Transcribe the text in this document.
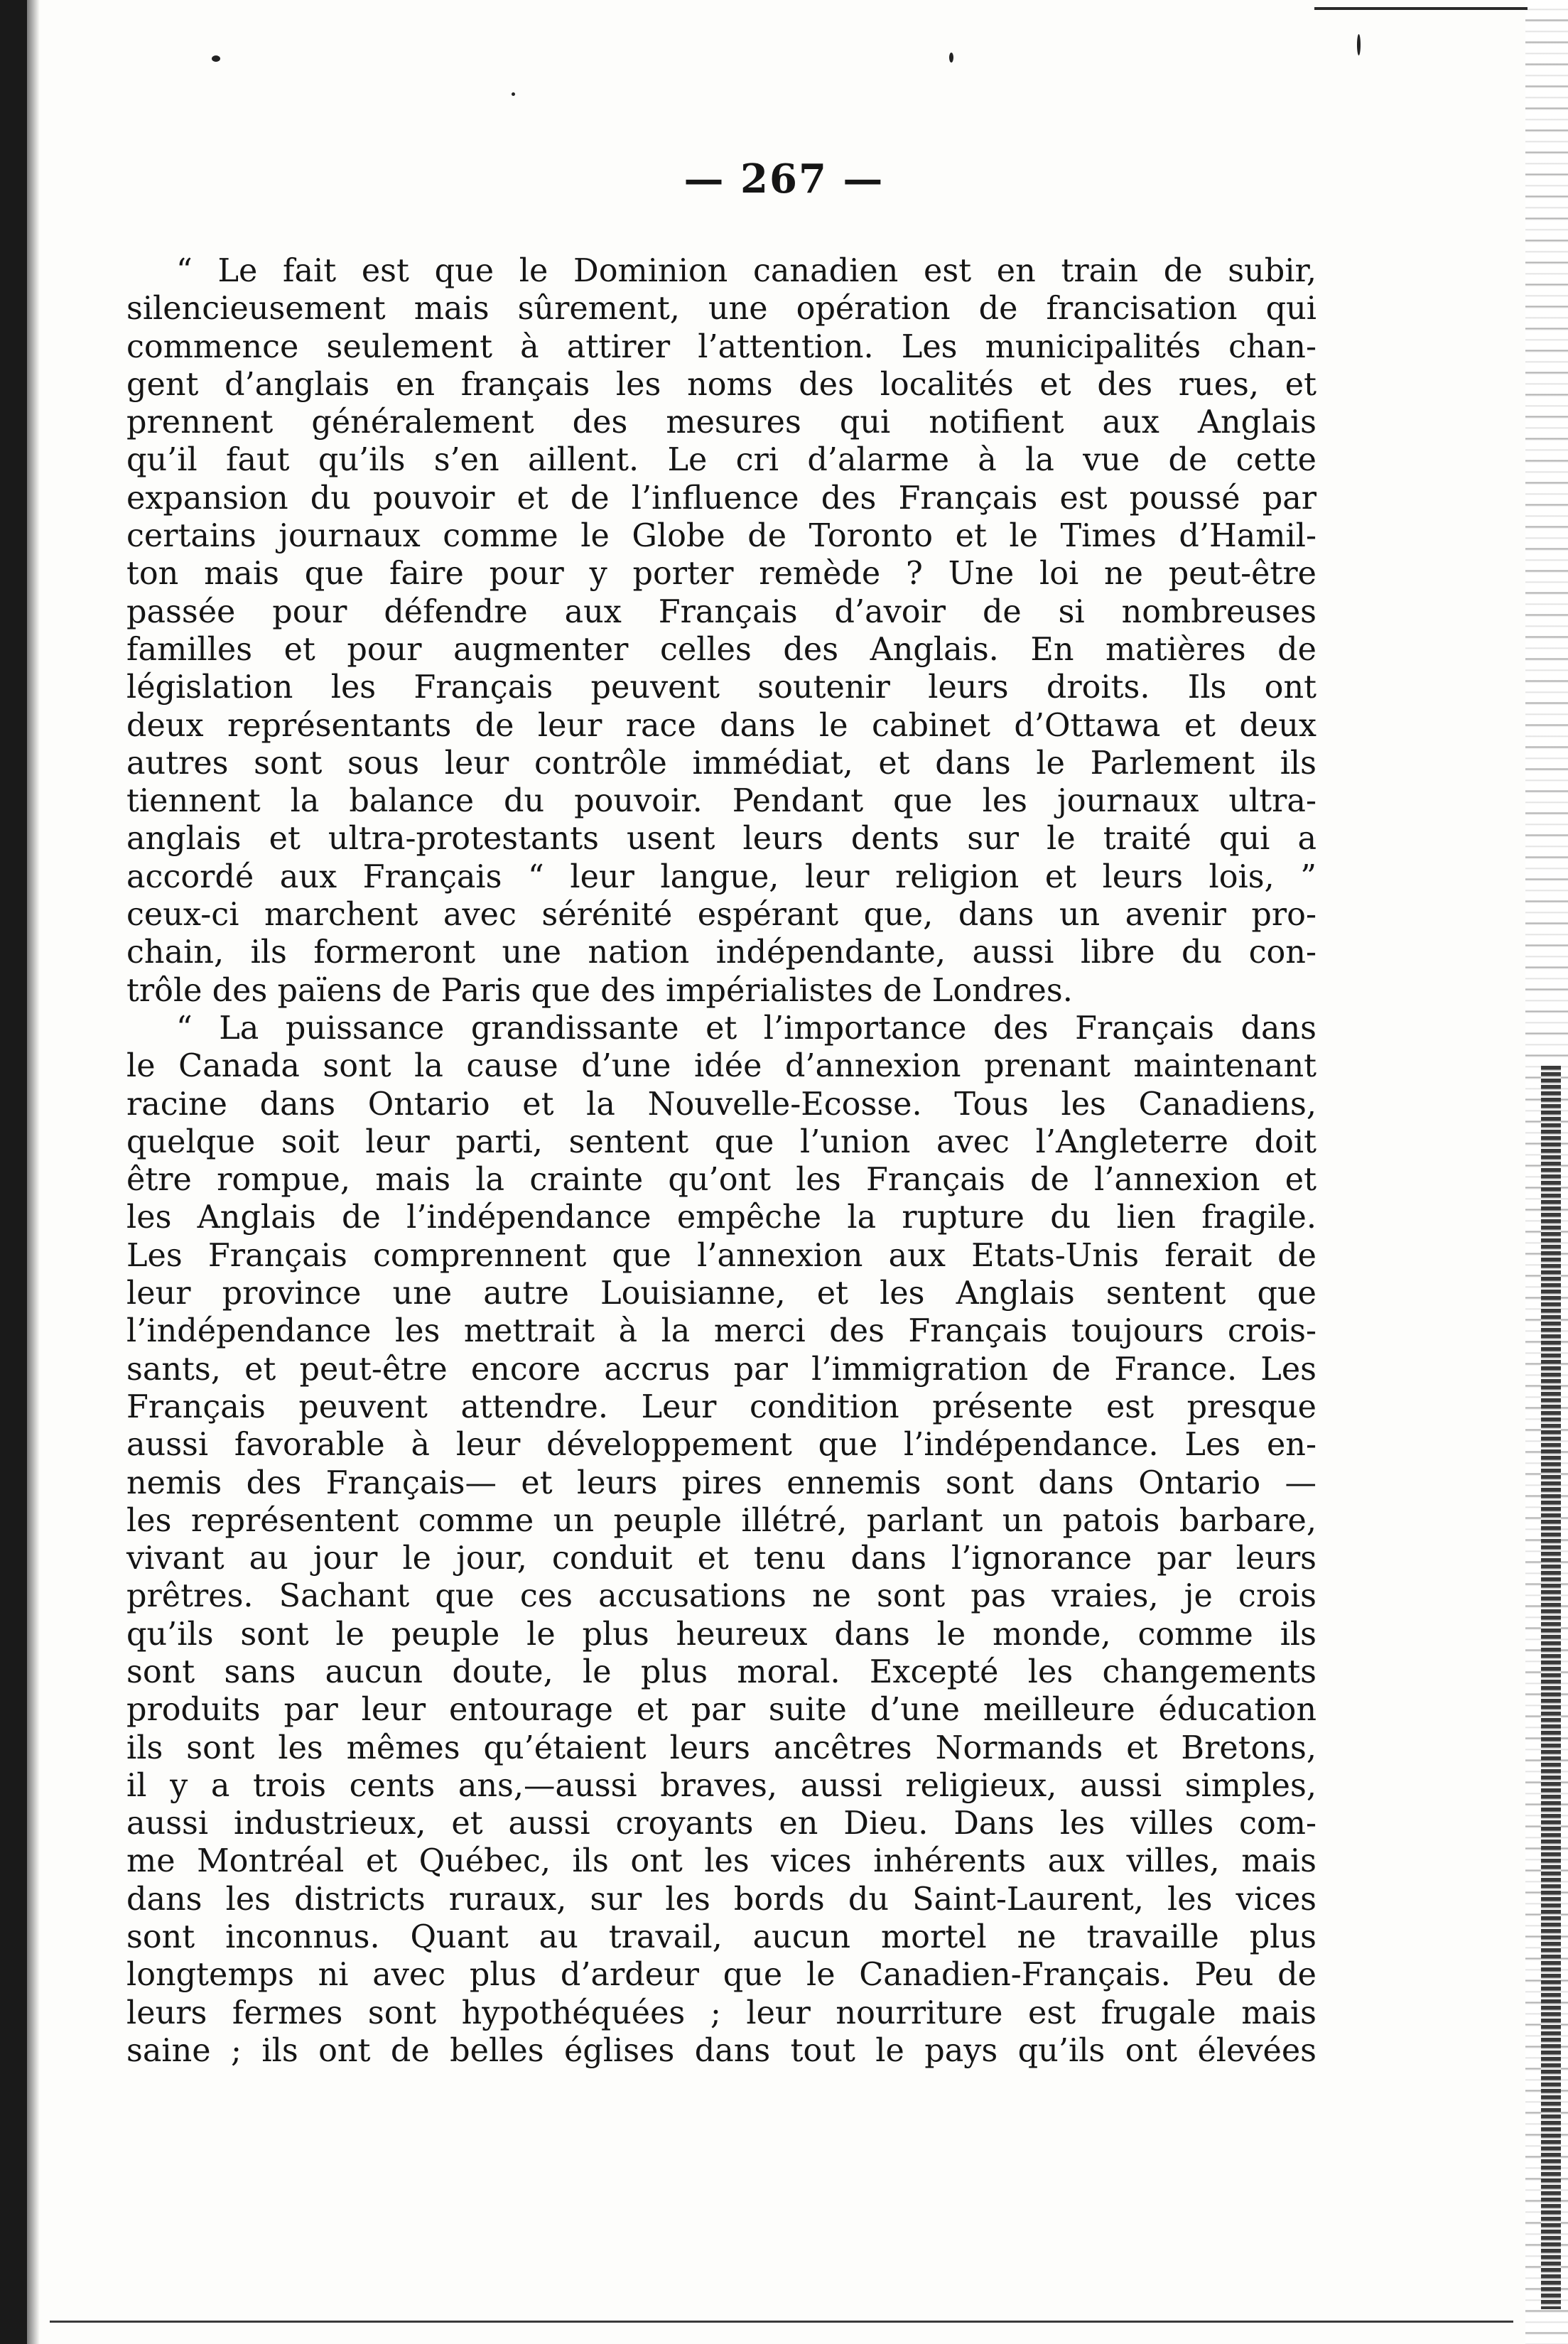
— 267 —
“ Le fait est que le Dominion canadien est en train de subir,
silencieusement mais sûrement, une opération de francisation qui
commence seulement à attirer l’attention. Les municipalités chan-
gent d’anglais en français les noms des localités et des rues, et
prennent généralement des mesures qui notifient aux Anglais
qu’il faut qu’ils s’en aillent. Le cri d’alarme à la vue de cette
expansion du pouvoir et de l’influence des Français est poussé par
certains journaux comme le Globe de Toronto et le Times d’Hamil-
ton mais que faire pour y porter remède ? Une loi ne peut-être
passée pour défendre aux Français d’avoir de si nombreuses
familles et pour augmenter celles des Anglais. En matières de
législation les Français peuvent soutenir leurs droits. Ils ont
deux représentants de leur race dans le cabinet d’Ottawa et deux
autres sont sous leur contrôle immédiat, et dans le Parlement ils
tiennent la balance du pouvoir. Pendant que les journaux ultra-
anglais et ultra-protestants usent leurs dents sur le traité qui a
accordé aux Français “ leur langue, leur religion et leurs lois, ”
ceux-ci marchent avec sérénité espérant que, dans un avenir pro-
chain, ils formeront une nation indépendante, aussi libre du con-
trôle des païens de Paris que des impérialistes de Londres.
“ La puissance grandissante et l’importance des Français dans
le Canada sont la cause d’une idée d’annexion prenant maintenant
racine dans Ontario et la Nouvelle-Ecosse. Tous les Canadiens,
quelque soit leur parti, sentent que l’union avec l’Angleterre doit
être rompue, mais la crainte qu’ont les Français de l’annexion et
les Anglais de l’indépendance empêche la rupture du lien fragile.
Les Français comprennent que l’annexion aux Etats-Unis ferait de
leur province une autre Louisianne, et les Anglais sentent que
l’indépendance les mettrait à la merci des Français toujours crois-
sants, et peut-être encore accrus par l’immigration de France. Les
Français peuvent attendre. Leur condition présente est presque
aussi favorable à leur développement que l’indépendance. Les en-
nemis des Français— et leurs pires ennemis sont dans Ontario —
les représentent comme un peuple illétré, parlant un patois barbare,
vivant au jour le jour, conduit et tenu dans l’ignorance par leurs
prêtres. Sachant que ces accusations ne sont pas vraies, je crois
qu’ils sont le peuple le plus heureux dans le monde, comme ils
sont sans aucun doute, le plus moral. Excepté les changements
produits par leur entourage et par suite d’une meilleure éducation
ils sont les mêmes qu’étaient leurs ancêtres Normands et Bretons,
il y a trois cents ans,—aussi braves, aussi religieux, aussi simples,
aussi industrieux, et aussi croyants en Dieu. Dans les villes com-
me Montréal et Québec, ils ont les vices inhérents aux villes, mais
dans les districts ruraux, sur les bords du Saint-Laurent, les vices
sont inconnus. Quant au travail, aucun mortel ne travaille plus
longtemps ni avec plus d’ardeur que le Canadien-Français. Peu de
leurs fermes sont hypothéquées ; leur nourriture est frugale mais
saine ; ils ont de belles églises dans tout le pays qu’ils ont élevées
